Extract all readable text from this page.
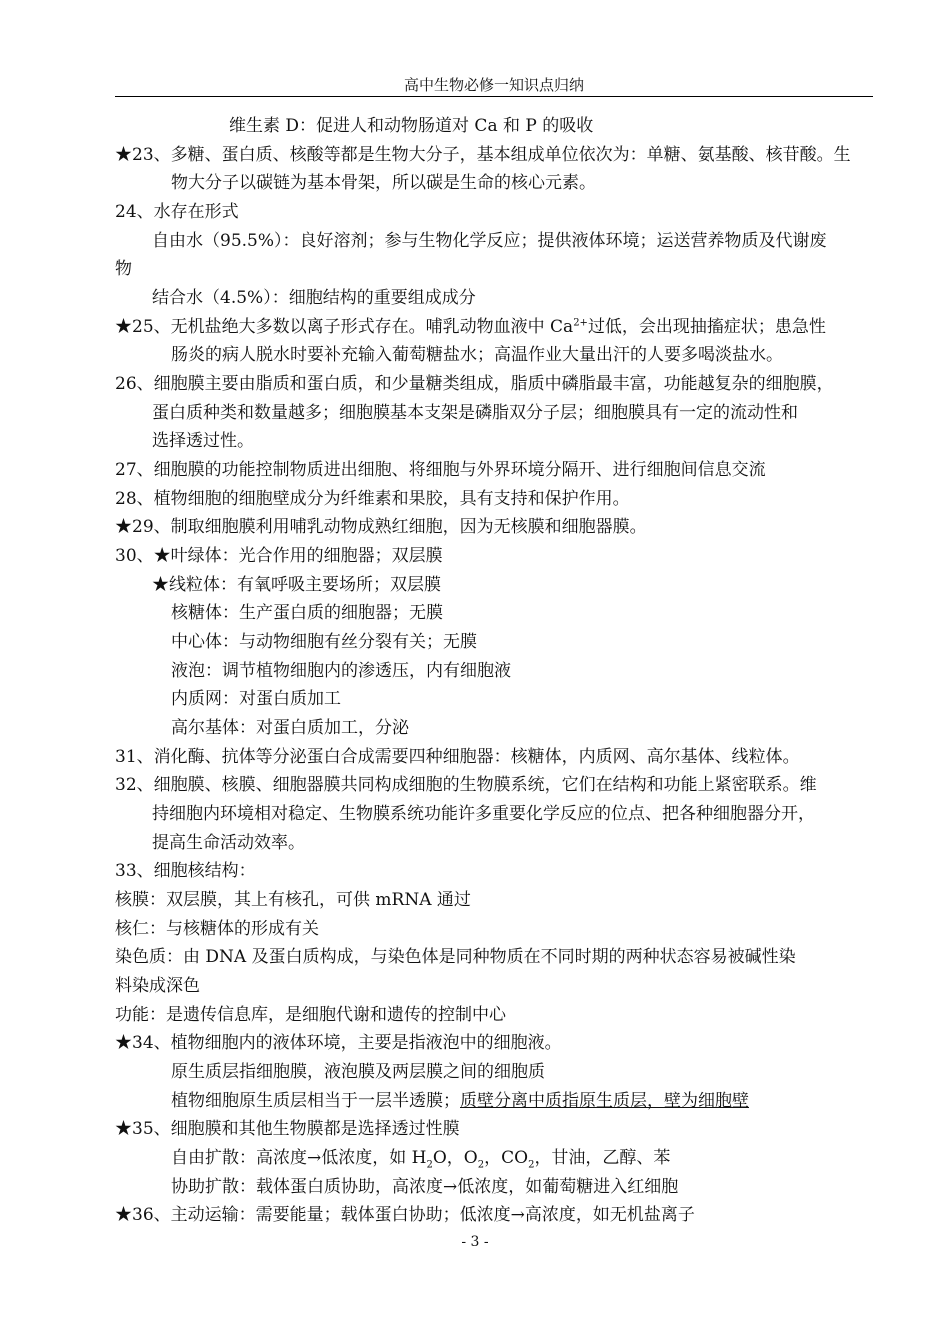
高中生物必修一知识点归纳
维生素 D：促进人和动物肠道对 Ca 和 P 的吸收
★23、多糖、蛋白质、核酸等都是生物大分子，基本组成单位依次为：单糖、氨基酸、核苷酸。生
物大分子以碳链为基本骨架，所以碳是生命的核心元素。
24、水存在形式
自由水（95.5%）：良好溶剂；参与生物化学反应；提供液体环境；运送营养物质及代谢废
物
结合水（4.5%）：细胞结构的重要组成成分
★25、无机盐绝大多数以离子形式存在。哺乳动物血液中 $Ca^{2+}$过低，会出现抽搐症状；患急性
肠炎的病人脱水时要补充输入葡萄糖盐水；高温作业大量出汗的人要多喝淡盐水。
26、细胞膜主要由脂质和蛋白质，和少量糖类组成，脂质中磷脂最丰富，功能越复杂的细胞膜，
蛋白质种类和数量越多；细胞膜基本支架是磷脂双分子层；细胞膜具有一定的流动性和
选择透过性。
27、细胞膜的功能控制物质进出细胞、将细胞与外界环境分隔开、进行细胞间信息交流
28、植物细胞的细胞壁成分为纤维素和果胶，具有支持和保护作用。
★29、制取细胞膜利用哺乳动物成熟红细胞，因为无核膜和细胞器膜。
30、★叶绿体：光合作用的细胞器；双层膜
★线粒体：有氧呼吸主要场所；双层膜
核糖体：生产蛋白质的细胞器；无膜
中心体：与动物细胞有丝分裂有关；无膜
液泡：调节植物细胞内的渗透压，内有细胞液
内质网：对蛋白质加工
高尔基体：对蛋白质加工，分泌
31、消化酶、抗体等分泌蛋白合成需要四种细胞器：核糖体，内质网、高尔基体、线粒体。
32、细胞膜、核膜、细胞器膜共同构成细胞的生物膜系统，它们在结构和功能上紧密联系。维
持细胞内环境相对稳定、生物膜系统功能许多重要化学反应的位点、把各种细胞器分开，
提高生命活动效率。
33、细胞核结构：
核膜：双层膜，其上有核孔，可供 mRNA 通过
核仁：与核糖体的形成有关
染色质：由 DNA 及蛋白质构成，与染色体是同种物质在不同时期的两种状态容易被碱性染
料染成深色
功能：是遗传信息库，是细胞代谢和遗传的控制中心
★34、植物细胞内的液体环境，主要是指液泡中的细胞液。
原生质层指细胞膜，液泡膜及两层膜之间的细胞质
植物细胞原生质层相当于一层半透膜；质壁分离中质指原生质层，壁为细胞壁
★35、细胞膜和其他生物膜都是选择透过性膜
自由扩散：高浓度→低浓度，如 $H_2O$，$O_2$，$CO_2$，甘油，乙醇、苯
协助扩散：载体蛋白质协助，高浓度→低浓度，如葡萄糖进入红细胞
★36、主动运输：需要能量；载体蛋白协助；低浓度→高浓度，如无机盐离子
- 3 -
